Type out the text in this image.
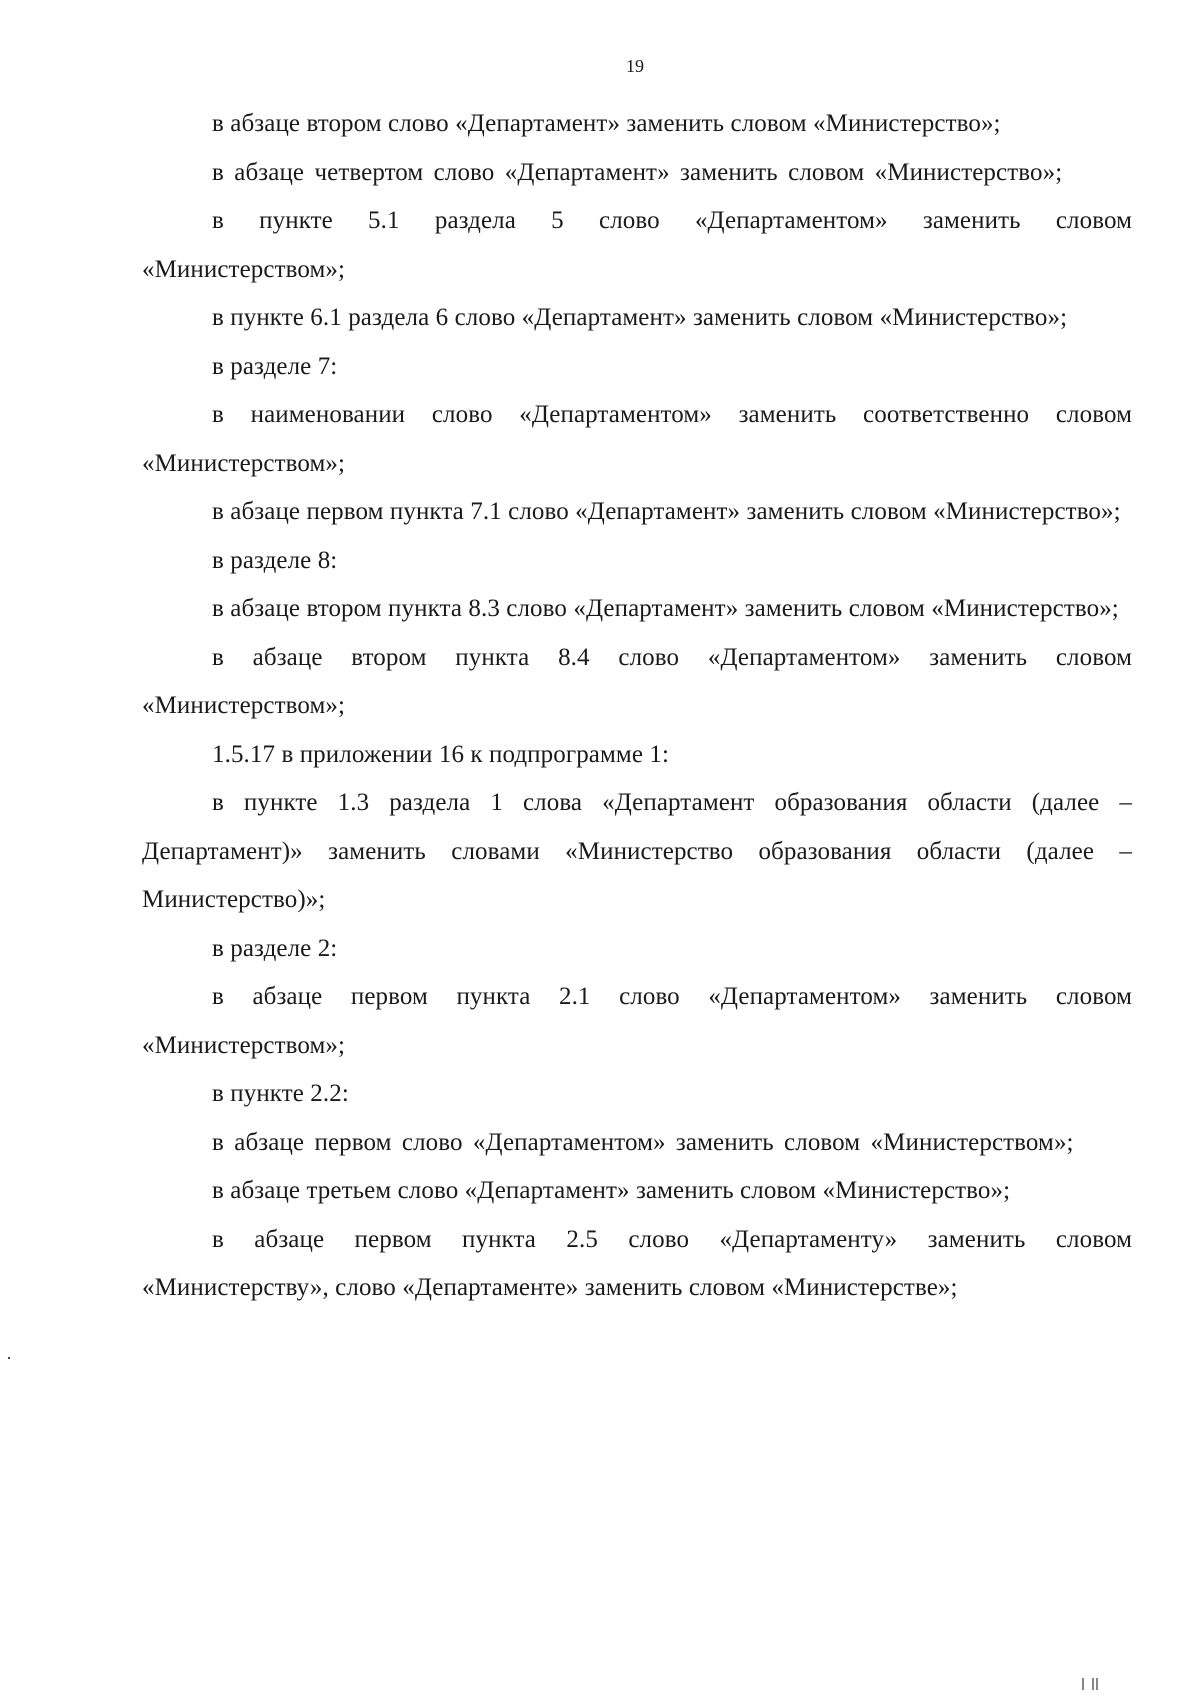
19

в абзаце втором слово «Департамент» заменить словом «Министерство»;

в абзаце четвертом слово «Департамент» заменить словом «Министерство»;

в пункте 5.1 раздела 5 слово «Департаментом» заменить словом «Министерством»;

в пункте 6.1 раздела 6 слово «Департамент» заменить словом «Министерство»;

в разделе 7:

в наименовании слово «Департаментом» заменить соответственно словом «Министерством»;

в абзаце первом пункта 7.1 слово «Департамент» заменить словом «Министерство»;

в разделе 8:

в абзаце втором пункта 8.3 слово «Департамент» заменить словом «Министерство»;

в абзаце втором пункта 8.4 слово «Департаментом» заменить словом «Министерством»;

1.5.17 в приложении 16 к подпрограмме 1:

в пункте 1.3 раздела 1 слова «Департамент образования области (далее – Департамент)» заменить словами «Министерство образования области (далее – Министерство)»;

в разделе 2:

в абзаце первом пункта 2.1 слово «Департаментом» заменить словом «Министерством»;

в пункте 2.2:

в абзаце первом слово «Департаментом» заменить словом «Министерством»;

в абзаце третьем слово «Департамент» заменить словом «Министерство»;

в абзаце первом пункта 2.5 слово «Департаменту» заменить словом «Министерству», слово «Департаменте» заменить словом «Министерстве»;
